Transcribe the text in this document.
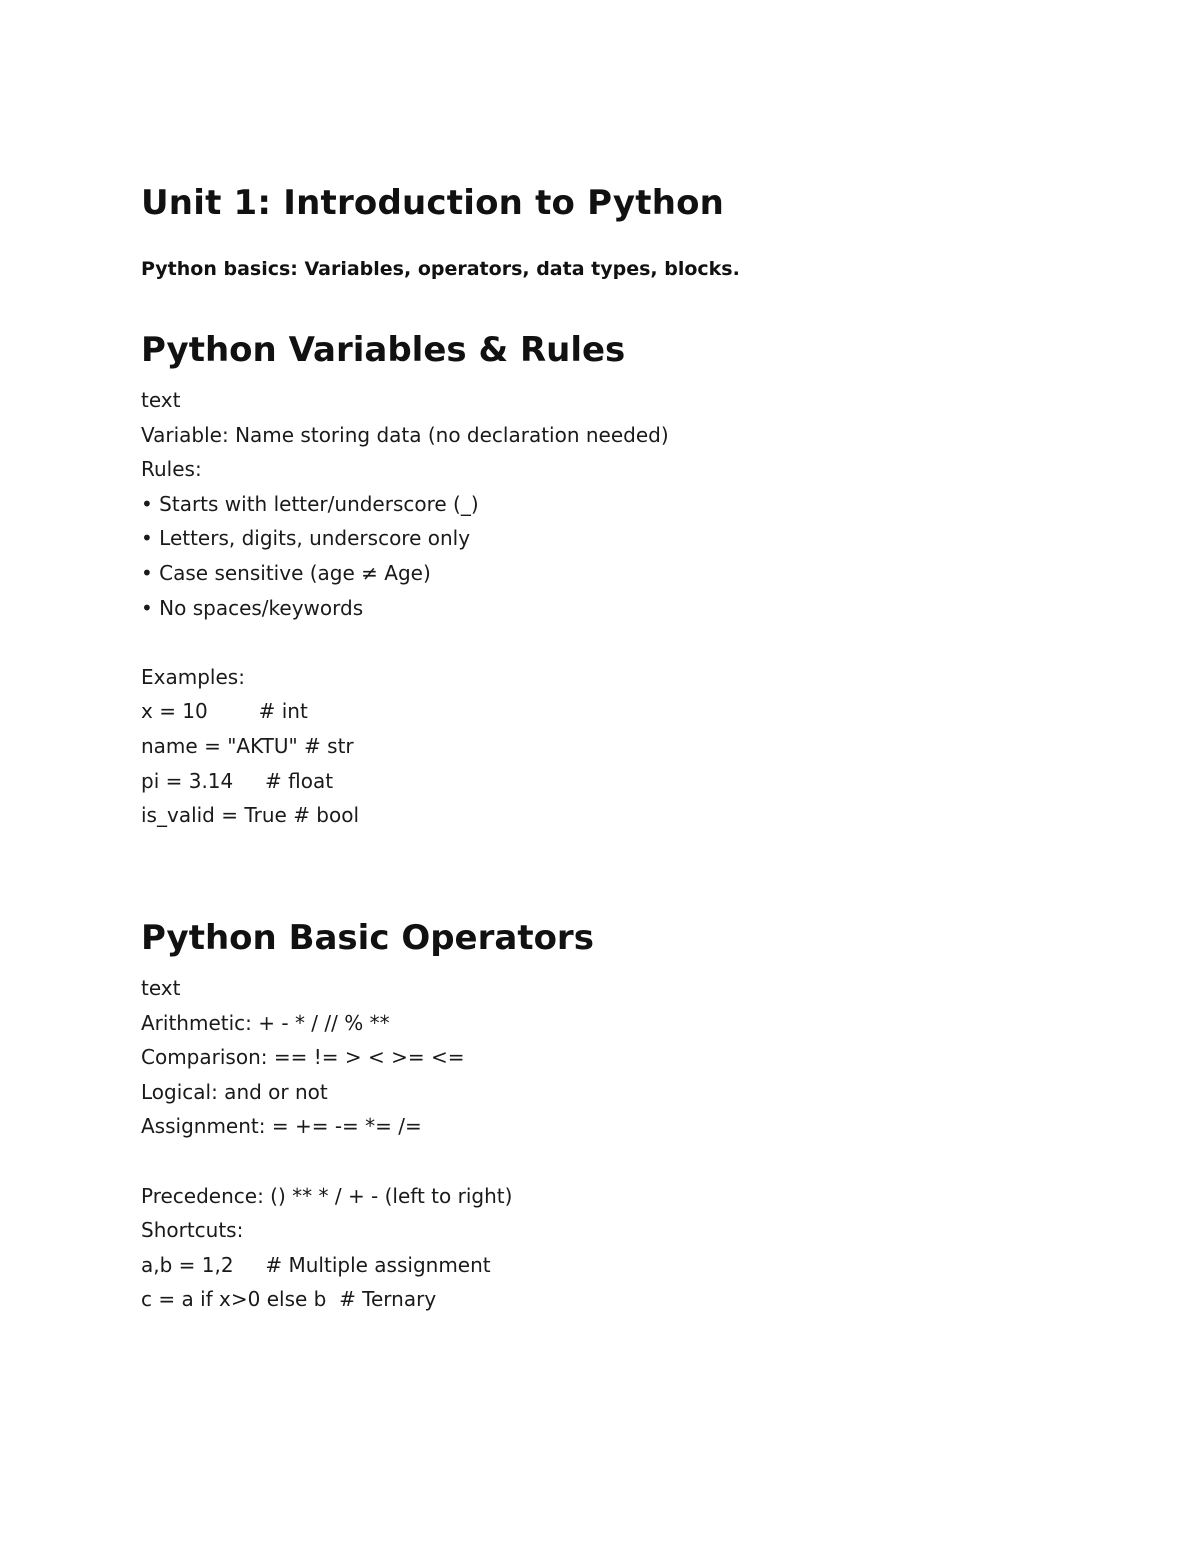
Unit 1: Introduction to Python
Python basics: Variables, operators, data types, blocks.
Python Variables & Rules
text
Variable: Name storing data (no declaration needed)
Rules:
• Starts with letter/underscore (_)
• Letters, digits, underscore only
• Case sensitive (age ≠ Age)
• No spaces/keywords
Examples:
x = 10        # int
name = "AKTU" # str
pi = 3.14     # float
is_valid = True # bool
Python Basic Operators
text
Arithmetic: + - * / // % **
Comparison: == != > < >= <=
Logical: and or not
Assignment: = += -= *= /=
Precedence: () ** * / + - (left to right)
Shortcuts:
a,b = 1,2     # Multiple assignment
c = a if x>0 else b  # Ternary
